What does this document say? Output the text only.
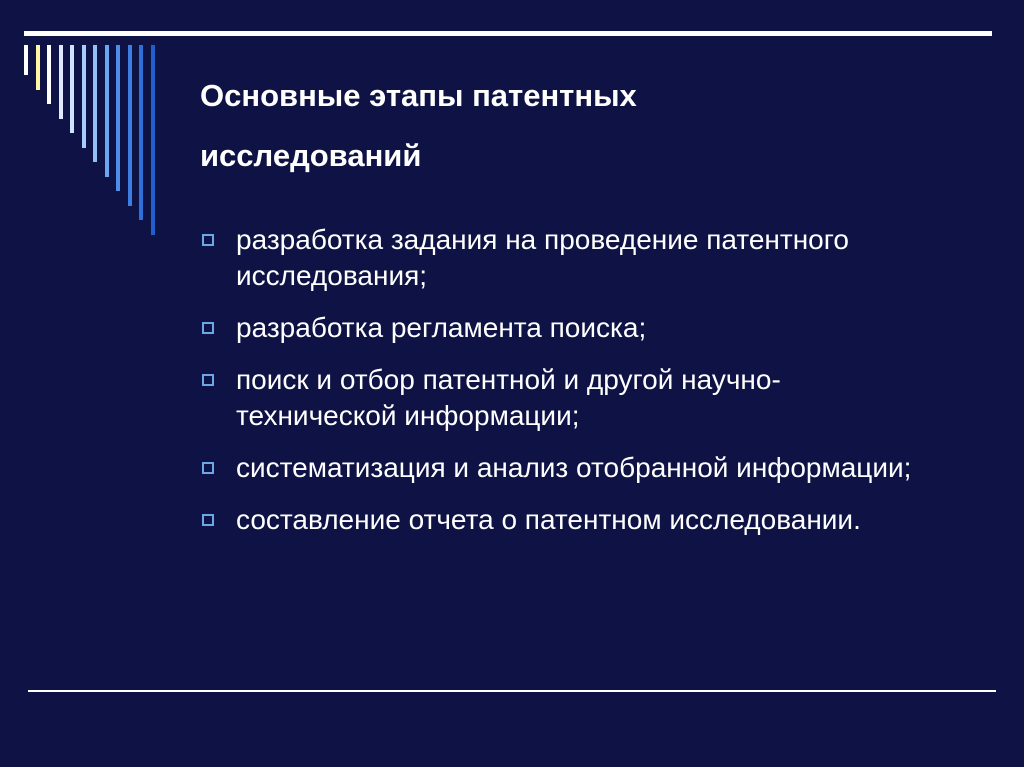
Основные этапы патентных
исследований
разработка задания на проведение патентного исследования;
разработка регламента поиска;
поиск и отбор патентной и другой научно-технической информации;
систематизация и анализ отобранной информации;
составление отчета о патентном исследовании.
